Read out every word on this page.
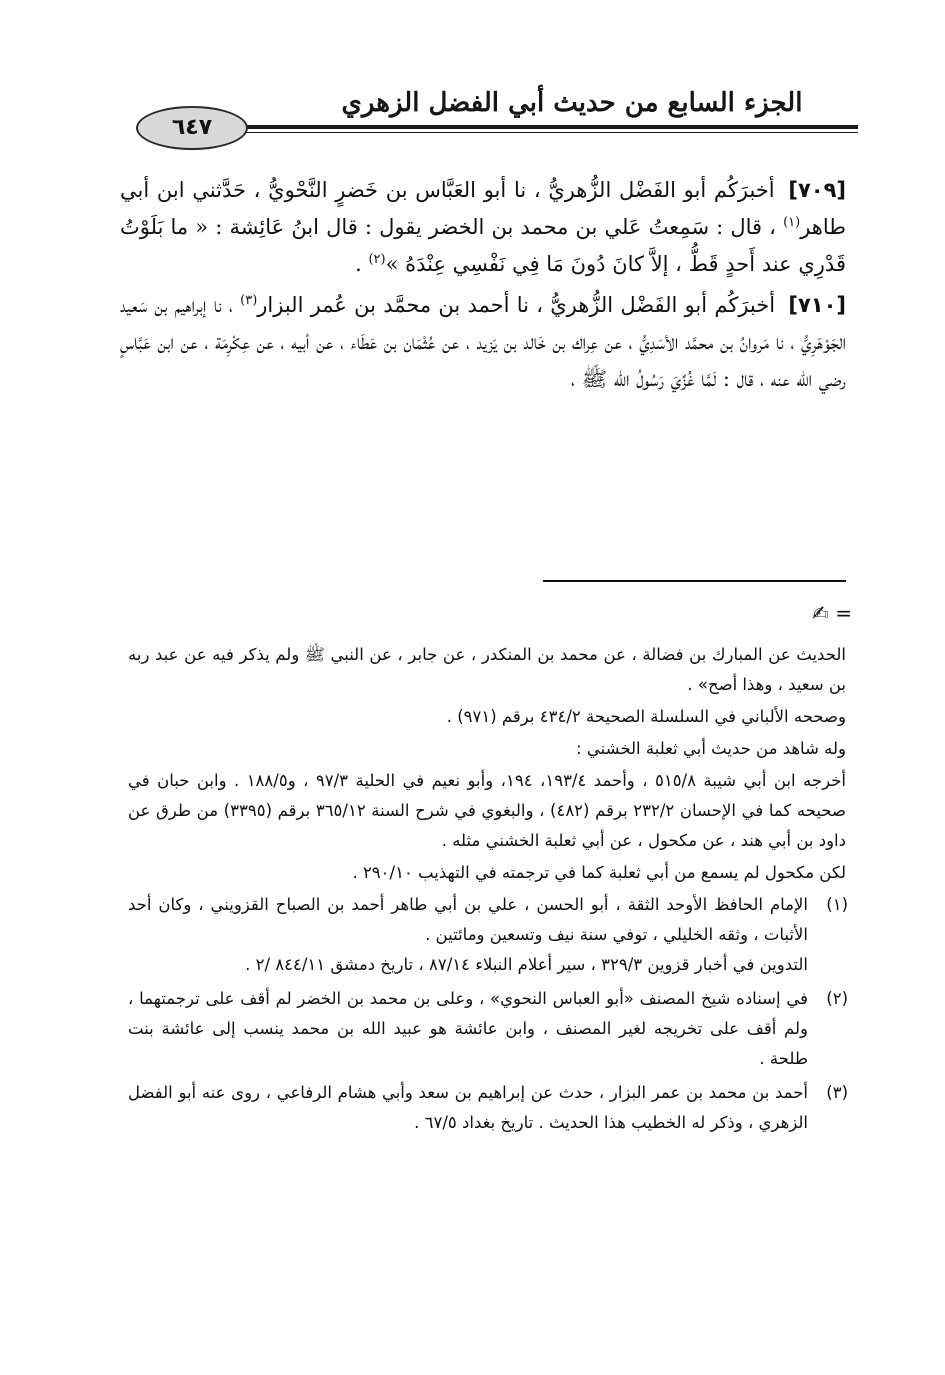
الجزء السابع من حديث أبي الفضل الزهري
٦٤٧

[٧٠٩] أخبرَكُم أبو الفَضْل الزُّهريُّ ، نا أبو العَبَّاس بن خَضرٍ النَّحْويُّ ، حَدَّثني ابن أبي طاهر$^{(١)}$ ، قال : سَمِعتُ عَلي بن محمد بن الخضر يقول : قال ابنُ عَائِشة : « ما بَلَوْتُ قَدْرِي عند أَحدٍ قَطُّ ، إلاَّ كانَ دُونَ مَا فِي نَفْسِي عِنْدَهُ »$^{(٢)}$ .

[٧١٠] أخبرَكُم أبو الفَضْل الزُّهريُّ ، نا أحمد بن محمَّد بن عُمر البزار$^{(٣)}$ ، نا إبراهيم بن سَعيد الجَوْهَرِيُّ ، نا مَروانُ بن محمَّد الأسَدِيُّ ، عن عِراك بن خَالد بن يَزيد ، عن عُثْمَان بن عَطَاء ، عن أبيه ، عن عِكْرِمَة ، عن ابن عَبَّاسٍ رضي الله عنه ، قال : لَمَّا غُزِّيَ رَسُولُ الله ﷺ ،

= ✍

الحديث عن المبارك بن فضالة ، عن محمد بن المنكدر ، عن جابر ، عن النبي ﷺ ولم يذكر فيه عن عبد ربه بن سعيد ، وهذا أصح» .

وصححه الألباني في السلسلة الصحيحة ٤٣٤/٢ برقم (٩٧١) .

وله شاهد من حديث أبي ثعلبة الخشني :

أخرجه ابن أبي شيبة ٥١٥/٨ ، وأحمد ١٩٣/٤، ١٩٤، وأبو نعيم في الحلية ٩٧/٣ ، و١٨٨/٥ . وابن حبان في صحيحه كما في الإحسان ٢٣٢/٢ برقم (٤٨٢) ، والبغوي في شرح السنة ٣٦٥/١٢ برقم (٣٣٩٥) من طرق عن داود بن أبي هند ، عن مكحول ، عن أبي ثعلبة الخشني مثله .

لكن مكحول لم يسمع من أبي ثعلبة كما في ترجمته في التهذيب ٢٩٠/١٠ .

(١)
الإمام الحافظ الأوحد الثقة ، أبو الحسن ، علي بن أبي طاهر أحمد بن الصباح القزويني ، وكان أحد الأثبات ، وثقه الخليلي ، توفي سنة نيف وتسعين ومائتين .
التدوين في أخبار قزوين ٣٢٩/٣ ، سير أعلام النبلاء ٨٧/١٤ ، تاريخ دمشق ٨٤٤/١١ /٢ .
(٢)
في إسناده شيخ المصنف «أبو العباس النحوي» ، وعلى بن محمد بن الخضر لم أقف على ترجمتهما ، ولم أقف على تخريجه لغير المصنف ، وابن عائشة هو عبيد الله بن محمد ينسب إلى عائشة بنت طلحة .
(٣)
أحمد بن محمد بن عمر البزار ، حدث عن إبراهيم بن سعد وأبي هشام الرفاعي ، روى عنه أبو الفضل الزهري ، وذكر له الخطيب هذا الحديث . تاريخ بغداد ٦٧/٥ .
